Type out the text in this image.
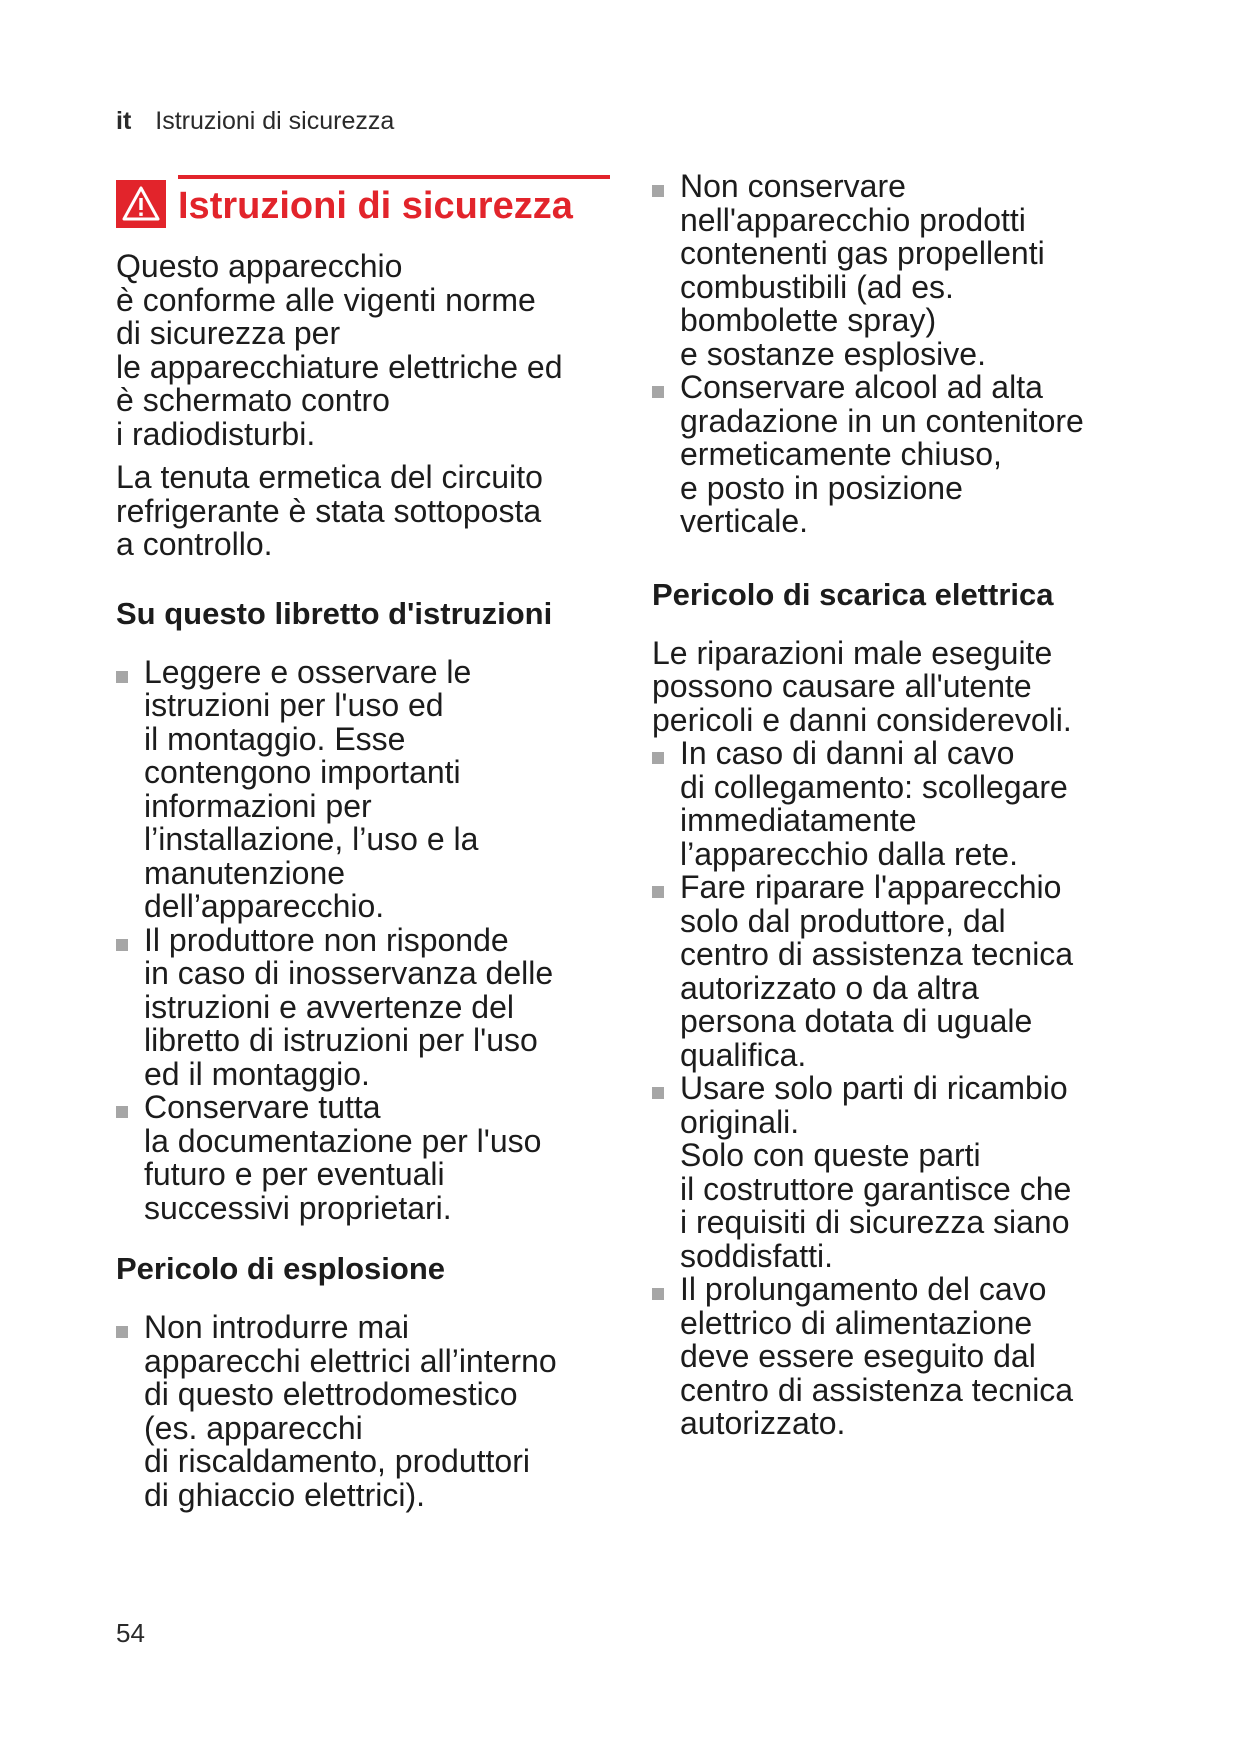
it Istruzioni di sicurezza
Istruzioni di sicurezza

Questo apparecchio
è conforme alle vigenti norme
di sicurezza per
le apparecchiature elettriche ed
è schermato contro
i radiodisturbi.

La tenuta ermetica del circuito
refrigerante è stata sottoposta
a controllo.

Su questo libretto d'istruzioni
Leggere e osservare le
istruzioni per l'uso ed
il montaggio. Esse
contengono importanti
informazioni per
l’installazione, l’uso e la
manutenzione
dell’apparecchio.
Il produttore non risponde
in caso di inosservanza delle
istruzioni e avvertenze del
libretto di istruzioni per l'uso
ed il montaggio.
Conservare tutta
la documentazione per l'uso
futuro e per eventuali
successivi proprietari.
Pericolo di esplosione
Non introdurre mai
apparecchi elettrici all’interno
di questo elettrodomestico
(es. apparecchi
di riscaldamento, produttori
di ghiaccio elettrici).
Non conservare
nell'apparecchio prodotti
contenenti gas propellenti
combustibili (ad es.
bombolette spray)
e sostanze esplosive.
Conservare alcool ad alta
gradazione in un contenitore
ermeticamente chiuso,
e posto in posizione
verticale.
Pericolo di scarica elettrica

Le riparazioni male eseguite
possono causare all'utente
pericoli e danni considerevoli.

In caso di danni al cavo
di collegamento: scollegare
immediatamente
l’apparecchio dalla rete.
Fare riparare l'apparecchio
solo dal produttore, dal
centro di assistenza tecnica
autorizzato o da altra
persona dotata di uguale
qualifica.
Usare solo parti di ricambio
originali.
Solo con queste parti
il costruttore garantisce che
i requisiti di sicurezza siano
soddisfatti.
Il prolungamento del cavo
elettrico di alimentazione
deve essere eseguito dal
centro di assistenza tecnica
autorizzato.
54
